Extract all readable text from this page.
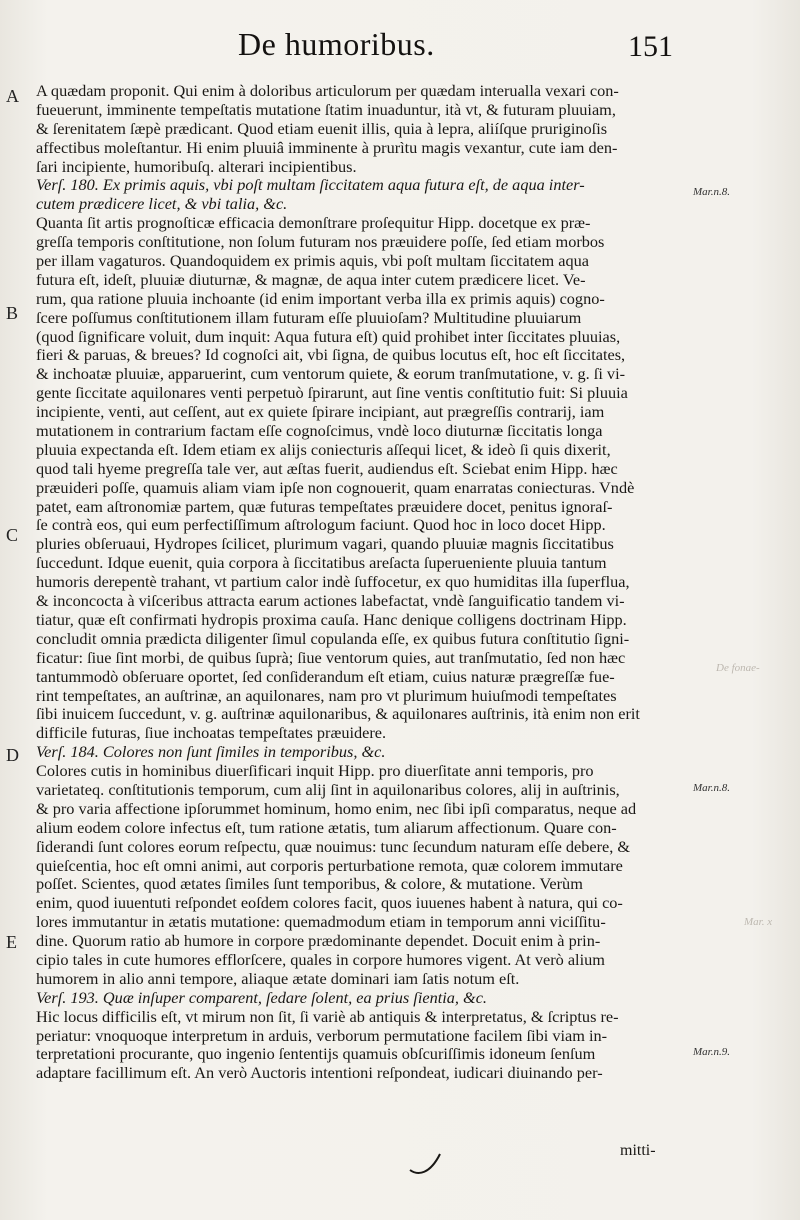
De humoribus.	151
A
B
C
D
E
Mar.n.8.
Mar.n.8.
Mar.n.9.
De fonae-
Mar. x
A quædam proponit. Qui enim à doloribus articulorum per quædam interualla vexari con-
fueuerunt, imminente tempeſtatis mutatione ſtatim inuaduntur, ità vt, & futuram pluuiam,
& ſerenitatem ſæpè prædicant. Quod etiam euenit illis, quia à lepra, aliíſque pruriginoſis
affectibus moleſtantur. Hi enim pluuiâ imminente à prurìtu magis vexantur, cute iam den-
ſari incipiente, humoribuſq. alterari incipientibus.
Verſ. 180. Ex primis aquis, vbi poſt multam ſiccitatem aqua futura eſt, de aqua inter-
cutem prædicere licet, & vbi talia, &c.
Quanta ſit artis prognoſticæ efficacia demonſtrare proſequitur Hipp. docetque ex præ-
greſſa temporis conſtitutione, non ſolum futuram nos præuidere poſſe, ſed etiam morbos
per illam vagaturos. Quandoquidem ex primis aquis, vbi poſt multam ſiccitatem aqua
futura eſt, ideſt, pluuiæ diuturnæ, & magnæ, de aqua inter cutem prædicere licet. Ve-
rum, qua ratione pluuia inchoante (id enim important verba illa ex primis aquis) cogno-
ſcere poſſumus conſtitutionem illam futuram eſſe pluuioſam? Multitudine pluuiarum
(quod ſignificare voluit, dum inquit: Aqua futura eſt) quid prohibet inter ſiccitates pluuias,
fieri & paruas, & breues? Id cognoſci ait, vbi ſigna, de quibus locutus eſt, hoc eſt ſiccitates,
& inchoatæ pluuiæ, apparuerint, cum ventorum quiete, & eorum tranſmutatione, v. g. ſi vi-
gente ſiccitate aquilonares venti perpetuò ſpirarunt, aut ſine ventis conſtitutio fuit: Si pluuia
incipiente, venti, aut ceſſent, aut ex quiete ſpirare incipiant, aut prægreſſis contrarij, iam
mutationem in contrarium factam eſſe cognoſcimus, vndè loco diuturnæ ſiccitatis longa
pluuia expectanda eſt. Idem etiam ex alijs coniecturis aſſequi licet, & ideò ſi quis dixerit,
quod tali hyeme pregreſſa tale ver, aut æſtas fuerit, audiendus eſt. Sciebat enim Hipp. hæc
præuideri poſſe, quamuis aliam viam ipſe non cognouerit, quam enarratas coniecturas. Vndè
patet, eam aſtronomiæ partem, quæ futuras tempeſtates præuidere docet, penitus ignoraſ-
ſe contrà eos, qui eum perfectiſſimum aſtrologum faciunt. Quod hoc in loco docet Hipp.
pluries obſeruaui, Hydropes ſcilicet, plurimum vagari, quando pluuiæ magnis ſiccitatibus
ſuccedunt. Idque euenit, quia corpora à ſiccitatibus areſacta ſuperueniente pluuia tantum
humoris derepentè trahant, vt partium calor indè ſuffocetur, ex quo humiditas illa ſuperflua,
& inconcocta à viſceribus attracta earum actiones labefactat, vndè ſanguificatio tandem vi-
tiatur, quæ eſt confirmati hydropis proxima cauſa. Hanc denique colligens doctrinam Hipp.
concludit omnia prædicta diligenter ſimul copulanda eſſe, ex quibus futura conſtitutio ſigni-
ficatur: ſiue ſint morbi, de quibus ſuprà; ſiue ventorum quies, aut tranſmutatio, ſed non hæc
tantummodò obſeruare oportet, ſed conſiderandum eſt etiam, cuius naturæ prægreſſæ fue-
rint tempeſtates, an auſtrinæ, an aquilonares, nam pro vt plurimum huiuſmodi tempeſtates
ſibi inuicem ſuccedunt, v. g. auſtrinæ aquilonaribus, & aquilonares auſtrinis, ità enim non erit
difficile futuras, ſiue inchoatas tempeſtates præuidere.
Verſ. 184. Colores non ſunt ſimiles in temporibus, &c.
Colores cutis in hominibus diuerſificari inquit Hipp. pro diuerſitate anni temporis, pro
varietateq. conſtitutionis temporum, cum alij ſint in aquilonaribus colores, alij in auſtrinis,
& pro varia affectione ipſorummet hominum, homo enim, nec ſibi ipſi comparatus, neque ad
alium eodem colore infectus eſt, tum ratione ætatis, tum aliarum affectionum. Quare con-
ſiderandi ſunt colores eorum reſpectu, quæ nouimus: tunc ſecundum naturam eſſe debere, &
quieſcentia, hoc eſt omni animi, aut corporis perturbatione remota, quæ colorem immutare
poſſet. Scientes, quod ætates ſimiles ſunt temporibus, & colore, & mutatione. Verùm
enim, quod iuuentuti reſpondet eoſdem colores facit, quos iuuenes habent à natura, qui co-
lores immutantur in ætatis mutatione: quemadmodum etiam in temporum anni viciſſitu-
dine. Quorum ratio ab humore in corpore prædominante dependet. Docuit enim à prin-
cipio tales in cute humores efflorſcere, quales in corpore humores vigent. At verò alium
humorem in alio anni tempore, aliaque ætate dominari iam ſatis notum eſt.
Verſ. 193. Quæ inſuper comparent, ſedare ſolent, ea prius ſientia, &c.
Hic locus difficilis eſt, vt mirum non ſit, ſi variè ab antiquis & interpretatus, & ſcriptus re-
periatur: vnoquoque interpretum in arduis, verborum permutatione facilem ſibi viam in-
terpretationi procurante, quo ingenio ſententijs quamuis obſcuriſſimis idoneum ſenſum
adaptare facillimum eſt. An verò Auctoris intentioni reſpondeat, iudicari diuinando per-
mitti-
